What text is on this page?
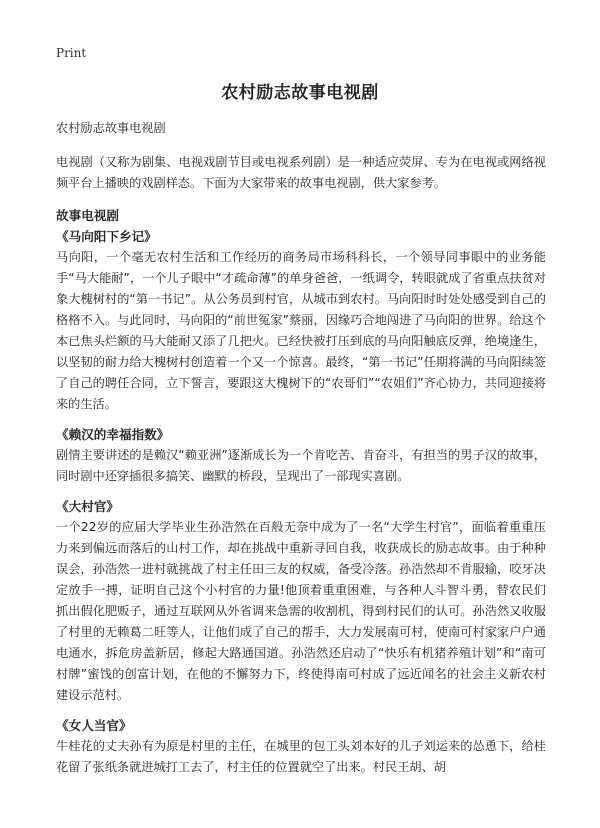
Print
农村励志故事电视剧

农村励志故事电视剧

电视剧（又称为剧集、电视戏剧节目或电视系列剧）是一种适应荧屏、专为在电视或网络视频平台上播映的戏剧样态。下面为大家带来的故事电视剧，供大家参考。

故事电视剧

《马向阳下乡记》

马向阳，一个毫无农村生活和工作经历的商务局市场科科长，一个领导同事眼中的业务能手“马大能耐”，一个儿子眼中“才疏命薄”的单身爸爸，一纸调令，转眼就成了省重点扶贫对象大槐树村的“第一书记”。从公务员到村官，从城市到农村。马向阳时时处处感受到自己的格格不入。与此同时，马向阳的“前世冤家”蔡丽，因缘巧合地闯进了马向阳的世界。给这个本已焦头烂额的马大能耐又添了几把火。已经快被打压到底的马向阳触底反弹，绝境逢生，以坚韧的耐力给大槐树村创造着一个又一个惊喜。最终，“第一书记”任期将满的马向阳续签了自己的聘任合同，立下誓言，要跟这大槐树下的“农哥们”“农姐们”齐心协力，共同迎接将来的生活。

《赖汉的幸福指数》

剧情主要讲述的是赖汉“赖亚洲”逐渐成长为一个肯吃苦、肯奋斗，有担当的男子汉的故事，同时剧中还穿插很多搞笑、幽默的桥段，呈现出了一部现实喜剧。

《大村官》

一个22岁的应届大学毕业生孙浩然在百般无奈中成为了一名“大学生村官”，面临着重重压力来到偏远而落后的山村工作，却在挑战中重新寻回自我，收获成长的励志故事。由于种种误会，孙浩然一进村就挑战了村主任田三友的权威，备受冷落。孙浩然却不肯服输，咬牙决定放手一搏，证明自己这个小村官的力量!他顶着重重困难，与各种人斗智斗勇，替农民们抓出假化肥贩子，通过互联网从外省调来急需的收割机，得到村民们的认可。孙浩然又收服了村里的无赖葛二旺等人，让他们成了自己的帮手，大力发展南可村，使南可村家家户户通电通水，拆危房盖新居，修起大路通国道。孙浩然还启动了“快乐有机猪养殖计划”和“南可村牌”蜜饯的创富计划，在他的不懈努力下，终使得南可村成了远近闻名的社会主义新农村建设示范村。

《女人当官》

牛桂花的丈夫孙有为原是村里的主任，在城里的包工头刘本好的儿子刘运来的怂恿下，给桂花留了张纸条就进城打工去了，村主任的位置就空了出来。村民王胡、胡
